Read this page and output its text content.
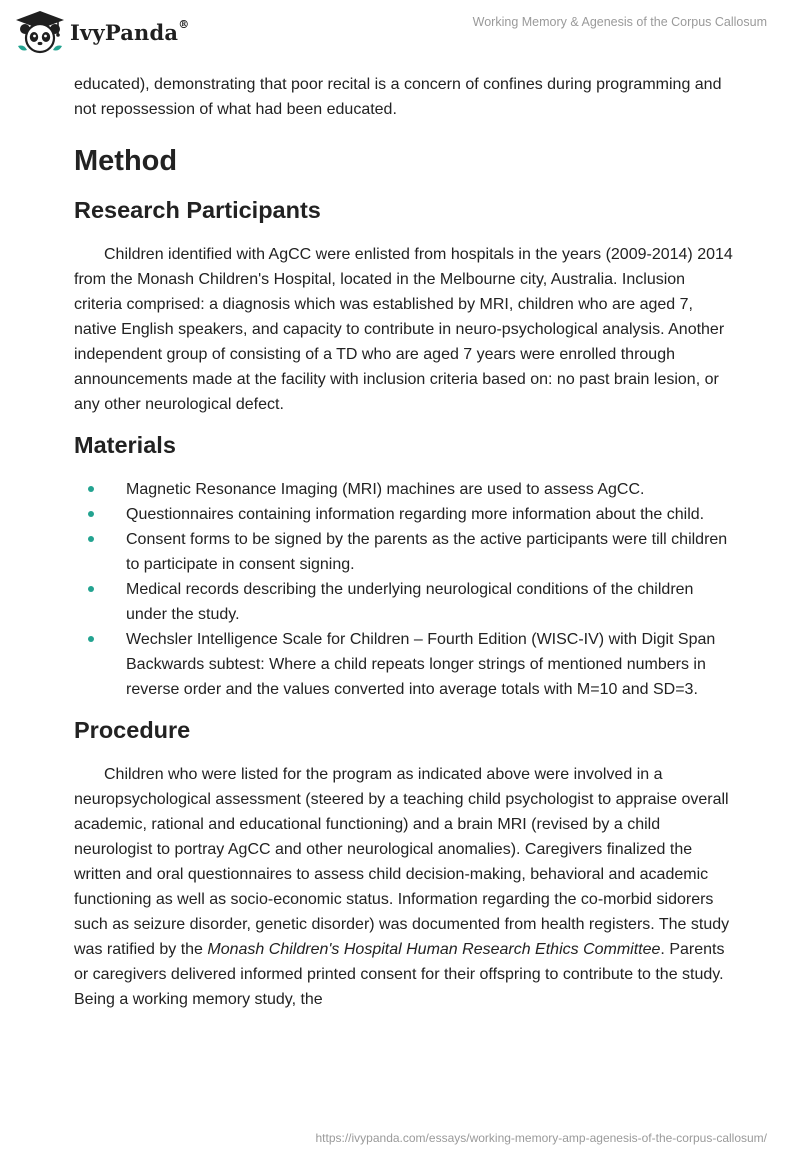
IvyPanda®	Working Memory & Agenesis of the Corpus Callosum

educated), demonstrating that poor recital is a concern of confines during programming and not repossession of what had been educated.

Method
Research Participants

Children identified with AgCC were enlisted from hospitals in the years (2009-2014) 2014 from the Monash Children's Hospital, located in the Melbourne city, Australia. Inclusion criteria comprised: a diagnosis which was established by MRI, children who are aged 7, native English speakers, and capacity to contribute in neuro-psychological analysis. Another independent group of consisting of a TD who are aged 7 years were enrolled through announcements made at the facility with inclusion criteria based on: no past brain lesion, or any other neurological defect.

Materials
Magnetic Resonance Imaging (MRI) machines are used to assess AgCC.
Questionnaires containing information regarding more information about the child.
Consent forms to be signed by the parents as the active participants were till children to participate in consent signing.
Medical records describing the underlying neurological conditions of the children under the study.
Wechsler Intelligence Scale for Children – Fourth Edition (WISC-IV) with Digit Span Backwards subtest: Where a child repeats longer strings of mentioned numbers in reverse order and the values converted into average totals with M=10 and SD=3.
Procedure

Children who were listed for the program as indicated above were involved in a neuropsychological assessment (steered by a teaching child psychologist to appraise overall academic, rational and educational functioning) and a brain MRI (revised by a child neurologist to portray AgCC and other neurological anomalies). Caregivers finalized the written and oral questionnaires to assess child decision-making, behavioral and academic functioning as well as socio-economic status. Information regarding the co-morbid sidorers such as seizure disorder, genetic disorder) was documented from health registers. The study was ratified by the Monash Children's Hospital Human Research Ethics Committee. Parents or caregivers delivered informed printed consent for their offspring to contribute to the study. Being a working memory study, the

https://ivypanda.com/essays/working-memory-amp-agenesis-of-the-corpus-callosum/
